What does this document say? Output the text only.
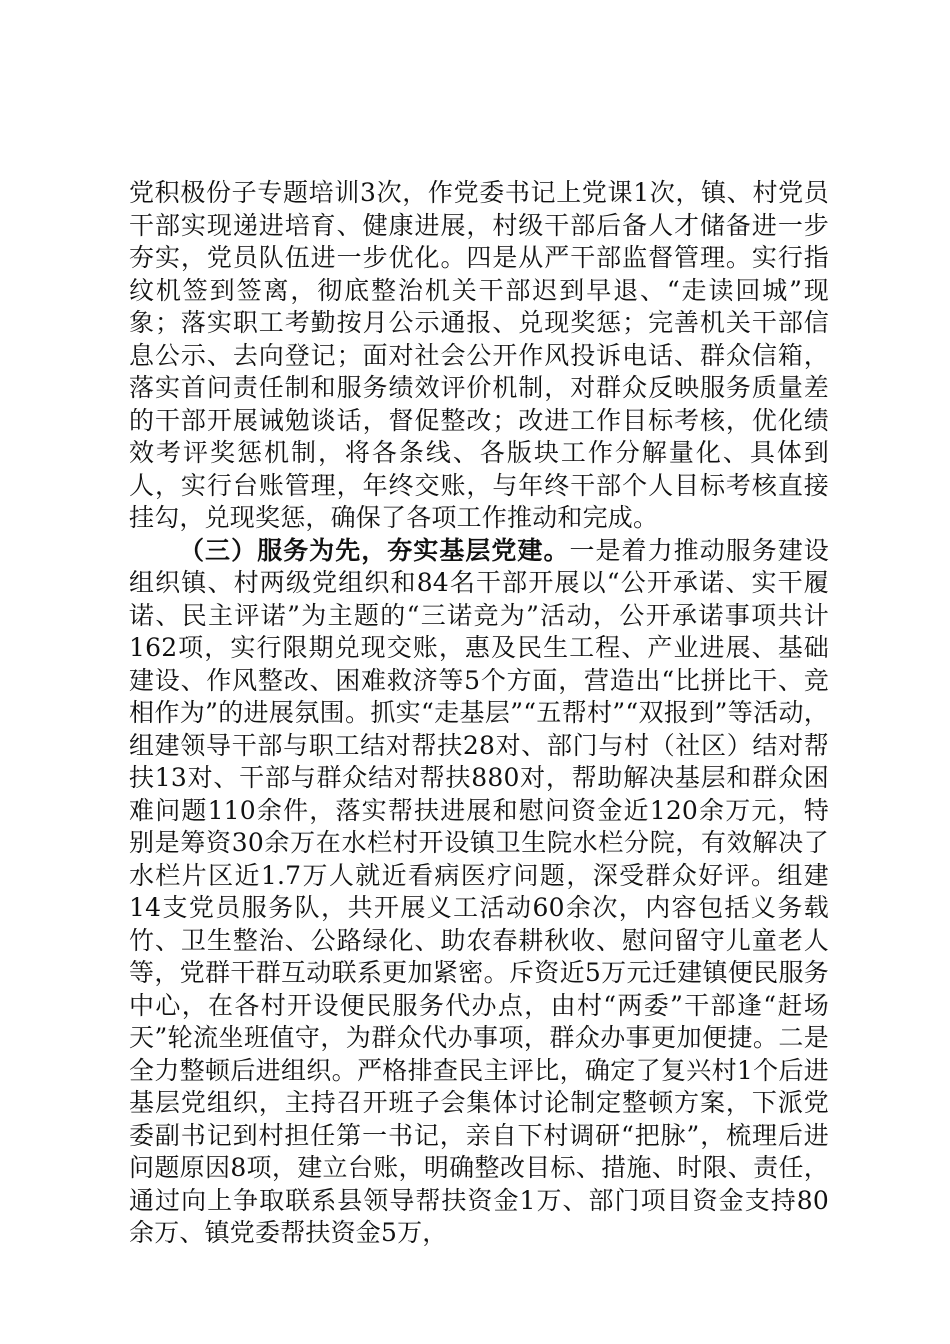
党积极份子专题培训3次，作党委书记上党课1次，镇、村党员干部实现递进培育、健康进展，村级干部后备人才储备进一步夯实，党员队伍进一步优化。四是从严干部监督管理。实行指纹机签到签离，彻底整治机关干部迟到早退、“走读回城”现象；落实职工考勤按月公示通报、兑现奖惩；完善机关干部信息公示、去向登记；面对社会公开作风投诉电话、群众信箱，落实首问责任制和服务绩效评价机制，对群众反映服务质量差的干部开展诫勉谈话，督促整改；改进工作目标考核，优化绩效考评奖惩机制，将各条线、各版块工作分解量化、具体到人，实行台账管理，年终交账，与年终干部个人目标考核直接挂勾，兑现奖惩，确保了各项工作推动和完成。

（三）服务为先，夯实基层党建。一是着力推动服务建设组织镇、村两级党组织和84名干部开展以“公开承诺、实干履诺、民主评诺”为主题的“三诺竞为”活动，公开承诺事项共计162项，实行限期兑现交账，惠及民生工程、产业进展、基础建设、作风整改、困难救济等5个方面，营造出“比拼比干、竞相作为”的进展氛围。抓实“走基层”“五帮村”“双报到”等活动，组建领导干部与职工结对帮扶28对、部门与村（社区）结对帮扶13对、干部与群众结对帮扶880对，帮助解决基层和群众困难问题110余件，落实帮扶进展和慰问资金近120余万元，特别是筹资30余万在水栏村开设镇卫生院水栏分院，有效解决了水栏片区近1.7万人就近看病医疗问题，深受群众好评。组建14支党员服务队，共开展义工活动60余次，内容包括义务载竹、卫生整治、公路绿化、助农春耕秋收、慰问留守儿童老人等，党群干群互动联系更加紧密。斥资近5万元迁建镇便民服务中心，在各村开设便民服务代办点，由村“两委”干部逢“赶场天”轮流坐班值守，为群众代办事项，群众办事更加便捷。二是全力整顿后进组织。严格排查民主评比，确定了复兴村1个后进基层党组织，主持召开班子会集体讨论制定整顿方案，下派党委副书记到村担任第一书记，亲自下村调研“把脉”，梳理后进问题原因8项，建立台账，明确整改目标、措施、时限、责任，通过向上争取联系县领导帮扶资金1万、部门项目资金支持80余万、镇党委帮扶资金5万，
